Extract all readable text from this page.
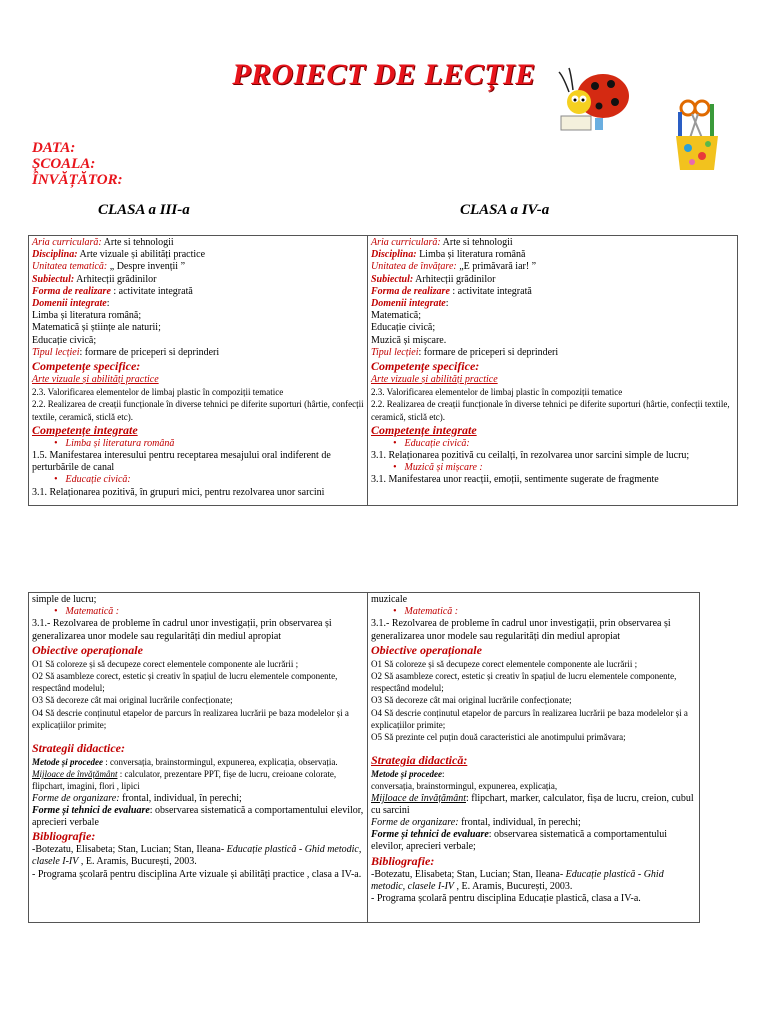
PROIECT DE LECȚIE
DATA:
ȘCOALA:
ÎNVĂȚĂTOR:
CLASA a III-a	CLASA a IV-a
Aria curriculară: Arte si tehnologii
Disciplina: Arte vizuale și abilități practice
Unitatea tematică: „ Despre invenții ”
Subiectul: Arhitecții grădinilor
Forma de realizare : activitate integrată
Domenii integrate:
Limba și literatura română;
Matematică și științe ale naturii;
Educație civică;
Tipul lecției: formare de priceperi si deprinderi
Competențe specifice:
Arte vizuale și abilități practice
2.3. Valorificarea elementelor de limbaj plastic în compoziții tematice
2.2. Realizarea de creații funcționale în diverse tehnici pe diferite suporturi (hârtie, confecții textile, ceramică, sticlă etc).
Competențe integrate
• Limba și literatura română
1.5. Manifestarea interesului pentru receptarea mesajului oral indiferent de perturbările de canal
• Educație civică:
3.1. Relaționarea pozitivă, în grupuri mici, pentru rezolvarea unor sarcini

Aria curriculară: Arte si tehnologii
Disciplina: Limba și literatura română
Unitatea de învățare: „E primăvară iar! ”
Subiectul: Arhitecții grădinilor
Forma de realizare : activitate integrată
Domenii integrate:
Matematică;
Educație civică;
Muzică și mișcare.
Tipul lecției: formare de priceperi si deprinderi
Competențe specifice:
Arte vizuale și abilități practice
2.3. Valorificarea elementelor de limbaj plastic în compoziții tematice
2.2. Realizarea de creații funcționale în diverse tehnici pe diferite suporturi (hârtie, confecții textile, ceramică, sticlă etc).
Competențe integrate
• Educație civică:
3.1. Relaționarea pozitivă cu ceilalți, în rezolvarea unor sarcini simple de lucru;
• Muzică și mișcare :
3.1. Manifestarea unor reacții, emoții, sentimente sugerate de fragmente
simple de lucru;
• Matematică :
3.1.- Rezolvarea de probleme în cadrul unor investigații, prin observarea și generalizarea unor modele sau regularități din mediul apropiat
Obiective operaționale
O1 Să coloreze și să decupeze corect elementele componente ale lucrării ;
O2 Să asambleze corect, estetic și creativ în spațiul de lucru elementele componente, respectând modelul;
O3 Să decoreze cât mai original lucrările confecționate;
O4 Să descrie conținutul etapelor de parcurs în realizarea lucrării pe baza modelelor și a explicațiilor primite;
Strategii didactice:
Metode și procedee : conversația, brainstormingul, expunerea, explicația, observația.
Mijloace de învățământ : calculator, prezentare PPT, fișe de lucru, creioane colorate, flipchart, imagini, flori , lipici
Forme de organizare: frontal, individual, în perechi;
Forme și tehnici de evaluare: observarea sistematică a comportamentului elevilor, aprecieri verbale
Bibliografie:
-Botezatu, Elisabeta; Stan, Lucian; Stan, Ileana- Educație plastică - Ghid metodic, clasele I-IV , E. Aramis, București, 2003.
- Programa școlară pentru disciplina Arte vizuale și abilități practice , clasa a IV-a.

muzicale
• Matematică :
3.1.- Rezolvarea de probleme în cadrul unor investigații, prin observarea și generalizarea unor modele sau regularități din mediul apropiat
Obiective operaționale
O1 Să coloreze și să decupeze corect elementele componente ale lucrării ;
O2 Să asambleze corect, estetic și creativ în spațiul de lucru elementele componente, respectând modelul;
O3 Să decoreze cât mai original lucrările confecționate;
O4 Să descrie conținutul etapelor de parcurs în realizarea lucrării pe baza modelelor și a explicațiilor primite;
O5 Să prezinte cel puțin două caracteristici ale anotimpului primăvara;
Strategia didactică:
Metode și procedee:
conversația, brainstormingul, expunerea, explicația,
Mijloace de învățământ: flipchart, marker, calculator, fișa de lucru, creion, cubul cu sarcini
Forme de organizare: frontal, individual, în perechi;
Forme și tehnici de evaluare: observarea sistematică a comportamentului elevilor, aprecieri verbale;
Bibliografie:
-Botezatu, Elisabeta; Stan, Lucian; Stan, Ileana- Educație plastică - Ghid metodic, clasele I-IV , E. Aramis, București, 2003.
- Programa școlară pentru disciplina Educație plastică, clasa a IV-a.
